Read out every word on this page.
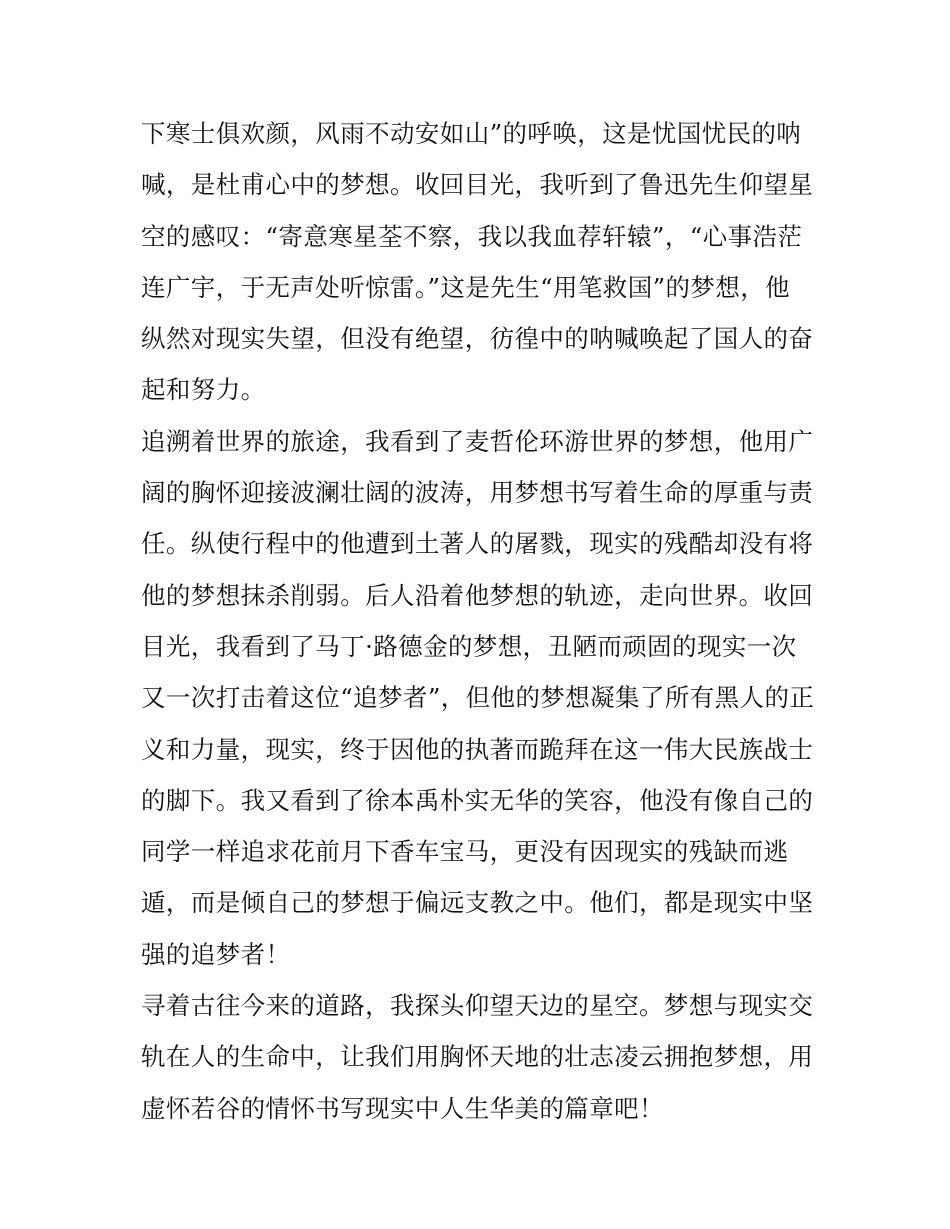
下寒士俱欢颜，风雨不动安如山”的呼唤，这是忧国忧民的呐
喊，是杜甫心中的梦想。收回目光，我听到了鲁迅先生仰望星
空的感叹：“寄意寒星荃不察，我以我血荐轩辕”，“心事浩茫
连广宇，于无声处听惊雷。”这是先生“用笔救国”的梦想，他
纵然对现实失望，但没有绝望，彷徨中的呐喊唤起了国人的奋
起和努力。
追溯着世界的旅途，我看到了麦哲伦环游世界的梦想，他用广
阔的胸怀迎接波澜壮阔的波涛，用梦想书写着生命的厚重与责
任。纵使行程中的他遭到土著人的屠戮，现实的残酷却没有将
他的梦想抹杀削弱。后人沿着他梦想的轨迹，走向世界。收回
目光，我看到了马丁·路德金的梦想，丑陋而顽固的现实一次
又一次打击着这位“追梦者”，但他的梦想凝集了所有黑人的正
义和力量，现实，终于因他的执著而跪拜在这一伟大民族战士
的脚下。我又看到了徐本禹朴实无华的笑容，他没有像自己的
同学一样追求花前月下香车宝马，更没有因现实的残缺而逃
遁，而是倾自己的梦想于偏远支教之中。他们，都是现实中坚
强的追梦者！
寻着古往今来的道路，我探头仰望天边的星空。梦想与现实交
轨在人的生命中，让我们用胸怀天地的壮志凌云拥抱梦想，用
虚怀若谷的情怀书写现实中人生华美的篇章吧！
